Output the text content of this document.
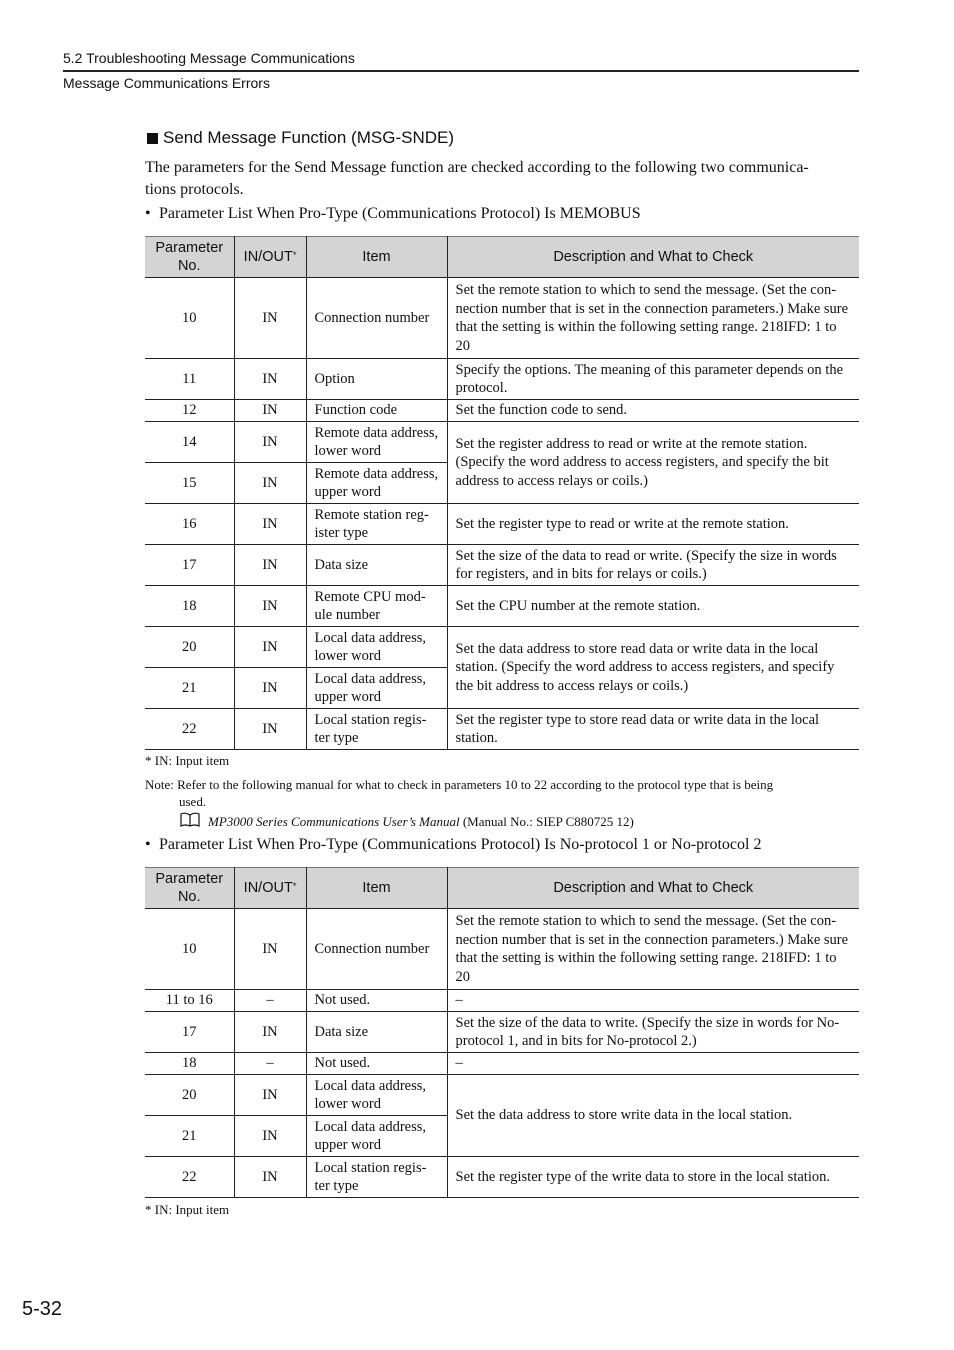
5.2 Troubleshooting Message Communications
Message Communications Errors
Send Message Function (MSG-SNDE)
The parameters for the Send Message function are checked according to the following two communica-
tions protocols.
• Parameter List When Pro-Type (Communications Protocol) Is MEMOBUS
Parameter No.	IN/OUT*	Item	Description and What to Check
10	IN	Connection number	Set the remote station to which to send the message. (Set the con-nection number that is set in the connection parameters.) Make sure that the setting is within the following setting range. 218IFD: 1 to 20
11	IN	Option	Specify the options. The meaning of this parameter depends on the protocol.
12	IN	Function code	Set the function code to send.
14	IN	Remote data address, lower word	Set the register address to read or write at the remote station. (Specify the word address to access registers, and specify the bit address to access relays or coils.)
15	IN	Remote data address, upper word	
16	IN	Remote station reg-ister type	Set the register type to read or write at the remote station.
17	IN	Data size	Set the size of the data to read or write. (Specify the size in words for registers, and in bits for relays or coils.)
18	IN	Remote CPU mod-ule number	Set the CPU number at the remote station.
20	IN	Local data address, lower word	Set the data address to store read data or write data in the local station. (Specify the word address to access registers, and specify the bit address to access relays or coils.)
21	IN	Local data address, upper word	
22	IN	Local station regis-ter type	Set the register type to store read data or write data in the local station.
* IN: Input item
Note: Refer to the following manual for what to check in parameters 10 to 22 according to the protocol type that is being
used.
MP3000 Series Communications User’s Manual
(Manual No.: SIEP C880725 12)
• Parameter List When Pro-Type (Communications Protocol) Is No-protocol 1 or No-protocol 2
Parameter No.	IN/OUT*	Item	Description and What to Check
10	IN	Connection number	Set the remote station to which to send the message. (Set the con-nection number that is set in the connection parameters.) Make sure that the setting is within the following setting range. 218IFD: 1 to 20
11 to 16	–	Not used.	–
17	IN	Data size	Set the size of the data to write. (Specify the size in words for No-protocol 1, and in bits for No-protocol 2.)
18	–	Not used.	–
20	IN	Local data address, lower word	Set the data address to store write data in the local station.
21	IN	Local data address, upper word	
22	IN	Local station regis-ter type	Set the register type of the write data to store in the local station.
* IN: Input item
5-32
